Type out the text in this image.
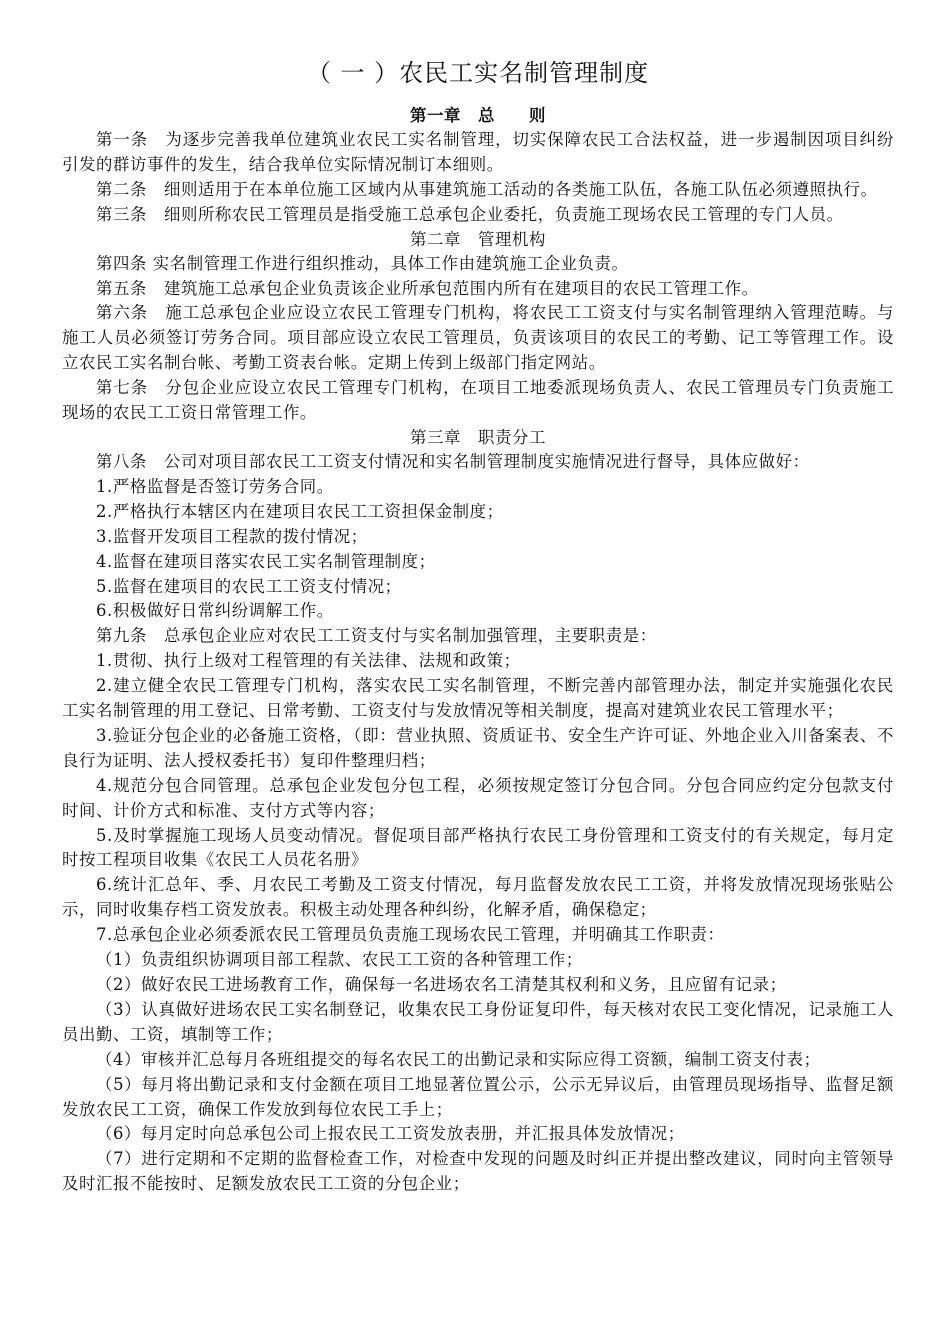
（ 一 ）农民工实名制管理制度
第一章　总　　则

第一条　为逐步完善我单位建筑业农民工实名制管理，切实保障农民工合法权益，进一步遏制因项目纠纷引发的群访事件的发生，结合我单位实际情况制订本细则。

第二条　细则适用于在本单位施工区域内从事建筑施工活动的各类施工队伍，各施工队伍必须遵照执行。

第三条　细则所称农民工管理员是指受施工总承包企业委托，负责施工现场农民工管理的专门人员。

第二章　管理机构

第四条 实名制管理工作进行组织推动，具体工作由建筑施工企业负责。

第五条　建筑施工总承包企业负责该企业所承包范围内所有在建项目的农民工管理工作。

第六条　施工总承包企业应设立农民工管理专门机构，将农民工工资支付与实名制管理纳入管理范畴。与施工人员必须签订劳务合同。项目部应设立农民工管理员，负责该项目的农民工的考勤、记工等管理工作。设立农民工实名制台帐、考勤工资表台帐。定期上传到上级部门指定网站。

第七条　分包企业应设立农民工管理专门机构，在项目工地委派现场负责人、农民工管理员专门负责施工现场的农民工工资日常管理工作。

第三章　职责分工

第八条　公司对项目部农民工工资支付情况和实名制管理制度实施情况进行督导，具体应做好：

1.严格监督是否签订劳务合同。

2.严格执行本辖区内在建项目农民工工资担保金制度；

3.监督开发项目工程款的拨付情况；

4.监督在建项目落实农民工实名制管理制度；

5.监督在建项目的农民工工资支付情况；

6.积极做好日常纠纷调解工作。

第九条　总承包企业应对农民工工资支付与实名制加强管理，主要职责是：

1.贯彻、执行上级对工程管理的有关法律、法规和政策；

2.建立健全农民工管理专门机构，落实农民工实名制管理，不断完善内部管理办法，制定并实施强化农民工实名制管理的用工登记、日常考勤、工资支付与发放情况等相关制度，提高对建筑业农民工管理水平；

3.验证分包企业的必备施工资格，（即：营业执照、资质证书、安全生产许可证、外地企业入川备案表、不良行为证明、法人授权委托书）复印件整理归档；

4.规范分包合同管理。总承包企业发包分包工程，必须按规定签订分包合同。分包合同应约定分包款支付时间、计价方式和标准、支付方式等内容；

5.及时掌握施工现场人员变动情况。督促项目部严格执行农民工身份管理和工资支付的有关规定，每月定时按工程项目收集《农民工人员花名册》

6.统计汇总年、季、月农民工考勤及工资支付情况，每月监督发放农民工工资，并将发放情况现场张贴公示，同时收集存档工资发放表。积极主动处理各种纠纷，化解矛盾，确保稳定；

7.总承包企业必须委派农民工管理员负责施工现场农民工管理，并明确其工作职责：

（1）负责组织协调项目部工程款、农民工工资的各种管理工作；

（2）做好农民工进场教育工作，确保每一名进场农名工清楚其权利和义务，且应留有记录；

（3）认真做好进场农民工实名制登记，收集农民工身份证复印件，每天核对农民工变化情况，记录施工人员出勤、工资，填制等工作；

（4）审核并汇总每月各班组提交的每名农民工的出勤记录和实际应得工资额，编制工资支付表；

（5）每月将出勤记录和支付金额在项目工地显著位置公示，公示无异议后，由管理员现场指导、监督足额发放农民工工资，确保工作发放到每位农民工手上；

（6）每月定时向总承包公司上报农民工工资发放表册，并汇报具体发放情况；

（7）进行定期和不定期的监督检查工作，对检查中发现的问题及时纠正并提出整改建议，同时向主管领导及时汇报不能按时、足额发放农民工工资的分包企业；
